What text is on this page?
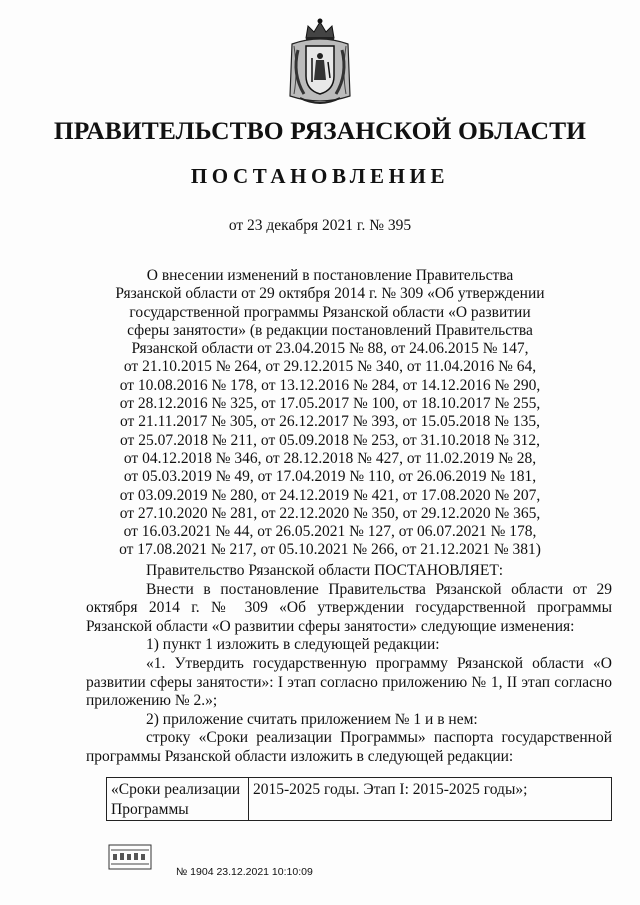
ПРАВИТЕЛЬСТВО РЯЗАНСКОЙ ОБЛАСТИ
ПОСТАНОВЛЕНИЕ
от 23 декабря 2021 г. № 395
О внесении изменений в постановление Правительства
Рязанской области от 29 октября 2014 г. № 309 «Об утверждении
государственной программы Рязанской области «О развитии
сферы занятости» (в редакции постановлений Правительства
Рязанской области от 23.04.2015 № 88, от 24.06.2015 № 147,
от 21.10.2015 № 264, от 29.12.2015 № 340, от 11.04.2016 № 64,
от 10.08.2016 № 178, от 13.12.2016 № 284, от 14.12.2016 № 290,
от 28.12.2016 № 325, от 17.05.2017 № 100, от 18.10.2017 № 255,
от 21.11.2017 № 305, от 26.12.2017 № 393, от 15.05.2018 № 135,
от 25.07.2018 № 211, от 05.09.2018 № 253, от 31.10.2018 № 312,
от 04.12.2018 № 346, от 28.12.2018 № 427, от 11.02.2019 № 28,
от 05.03.2019 № 49, от 17.04.2019 № 110, от 26.06.2019 № 181,
от 03.09.2019 № 280, от 24.12.2019 № 421, от 17.08.2020 № 207,
от 27.10.2020 № 281, от 22.12.2020 № 350, от 29.12.2020 № 365,
от 16.03.2021 № 44, от 26.05.2021 № 127, от 06.07.2021 № 178,
от 17.08.2021 № 217, от 05.10.2021 № 266, от 21.12.2021 № 381)

Правительство Рязанской области ПОСТАНОВЛЯЕТ:

Внести в постановление Правительства Рязанской области от 29 октября 2014 г. № 309 «Об утверждении государственной программы Рязанской области «О развитии сферы занятости» следующие изменения:

1) пункт 1 изложить в следующей редакции:

«1. Утвердить государственную программу Рязанской области «О развитии сферы занятости»: I этап согласно приложению № 1, II этап согласно приложению № 2.»;

2) приложение считать приложением № 1 и в нем:

строку «Сроки реализации Программы» паспорта государственной программы Рязанской области изложить в следующей редакции:

«Сроки реализации Программы	2015-2025 годы. Этап I: 2015-2025 годы»;
№ 1904 23.12.2021 10:10:09
